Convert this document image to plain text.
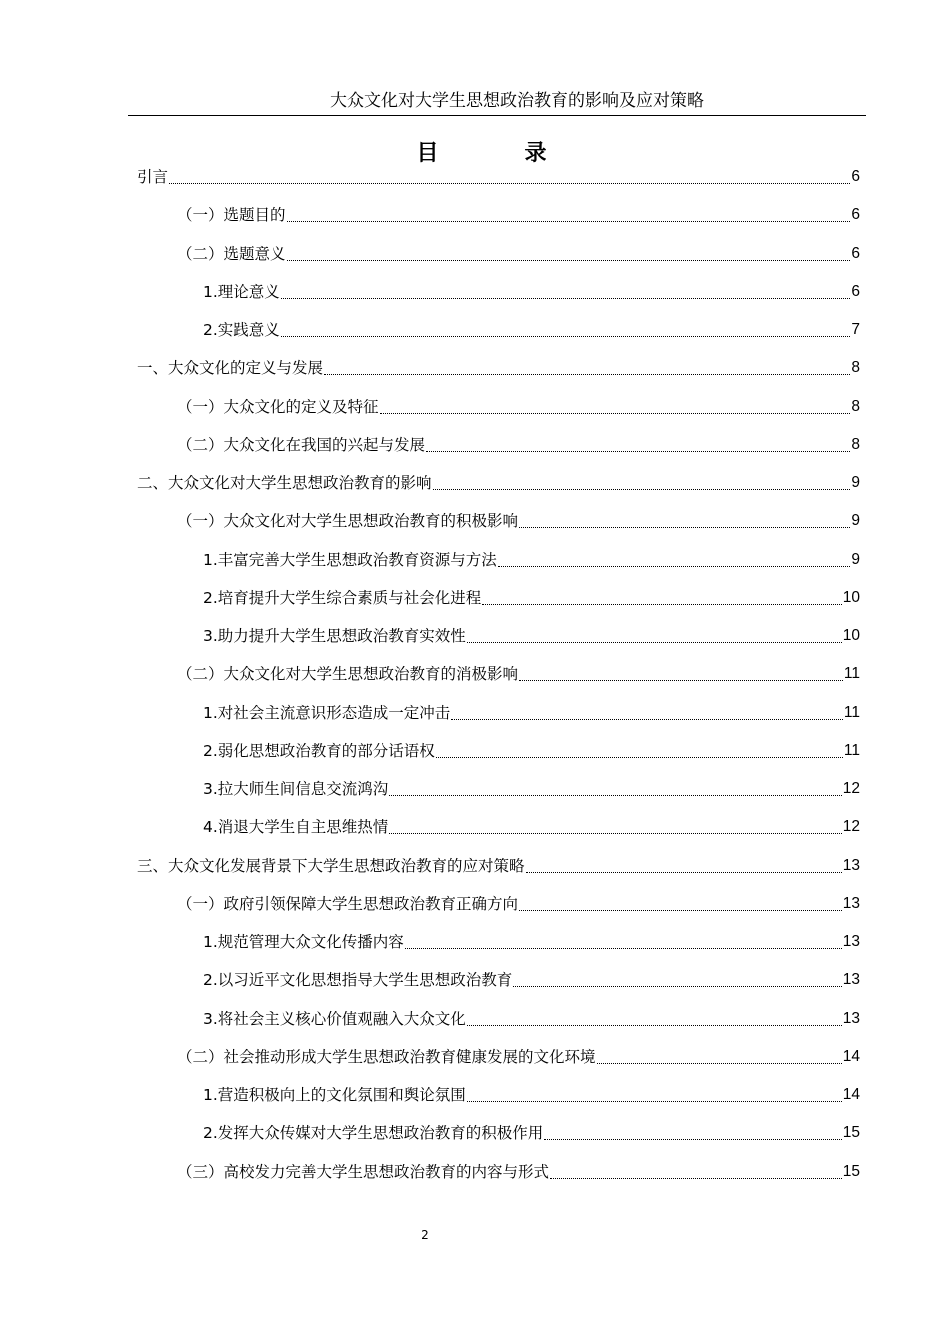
大众文化对大学生思想政治教育的影响及应对策略
目　录
引言	6
（一）选题目的	6
（二）选题意义	6
1.理论意义	6
2.实践意义	7
一、大众文化的定义与发展	8
（一）大众文化的定义及特征	8
（二）大众文化在我国的兴起与发展	8
二、大众文化对大学生思想政治教育的影响	9
（一）大众文化对大学生思想政治教育的积极影响	9
1.丰富完善大学生思想政治教育资源与方法	9
2.培育提升大学生综合素质与社会化进程	10
3.助力提升大学生思想政治教育实效性	10
（二）大众文化对大学生思想政治教育的消极影响	11
1.对社会主流意识形态造成一定冲击	11
2.弱化思想政治教育的部分话语权	11
3.拉大师生间信息交流鸿沟	12
4.消退大学生自主思维热情	12
三、大众文化发展背景下大学生思想政治教育的应对策略	13
（一）政府引领保障大学生思想政治教育正确方向	13
1.规范管理大众文化传播内容	13
2.以习近平文化思想指导大学生思想政治教育	13
3.将社会主义核心价值观融入大众文化	13
（二）社会推动形成大学生思想政治教育健康发展的文化环境	14
1.营造积极向上的文化氛围和舆论氛围	14
2.发挥大众传媒对大学生思想政治教育的积极作用	15
（三）高校发力完善大学生思想政治教育的内容与形式	15
2
